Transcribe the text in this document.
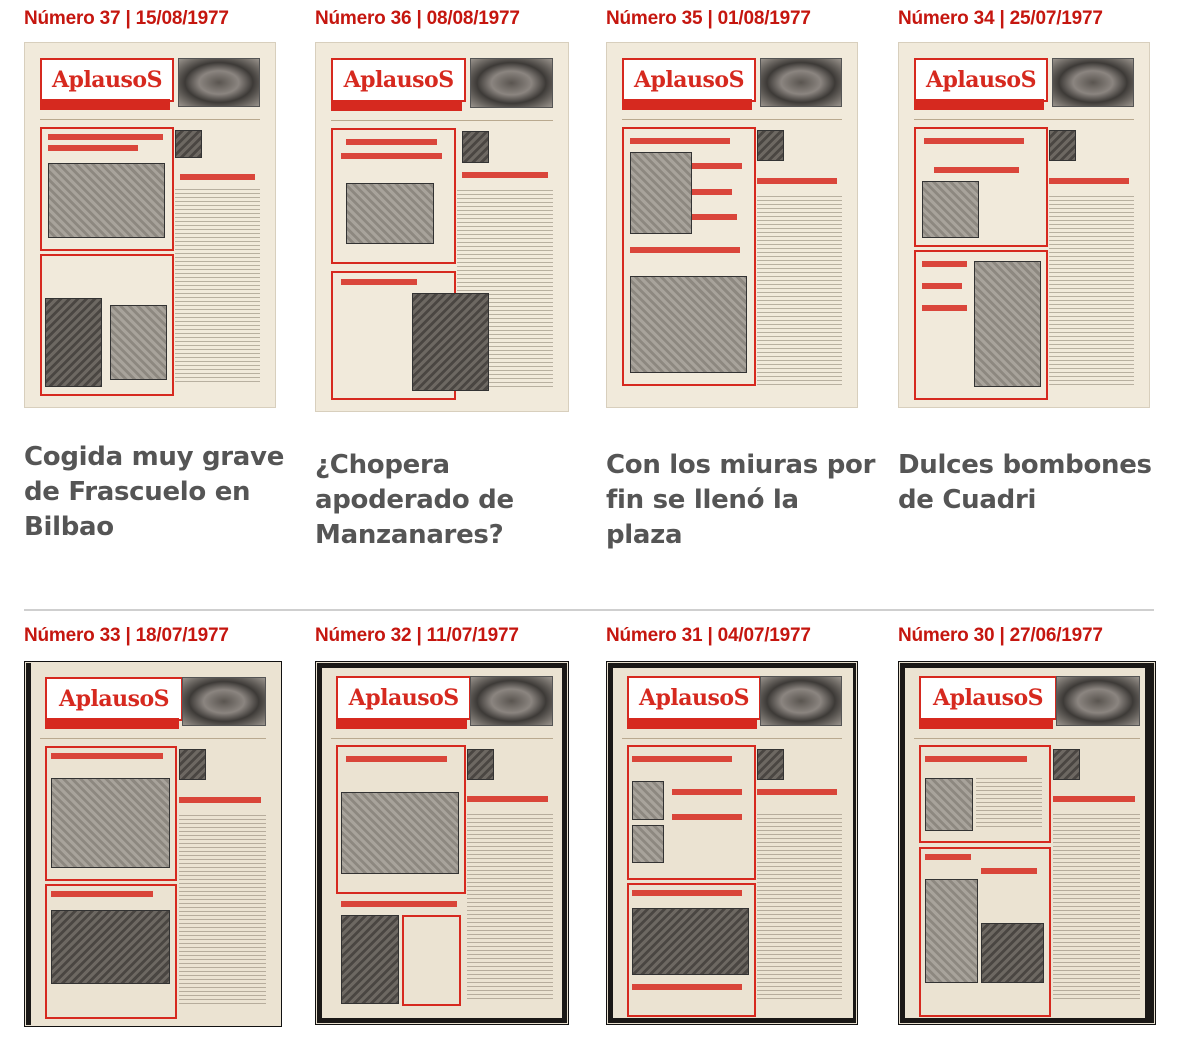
Número 37 | 15/08/1977
AplausoS
Cogida muy grave de Frascuelo en Bilbao
Número 36 | 08/08/1977
AplausoS
¿Chopera apoderado de Manzanares?
Número 35 | 01/08/1977
AplausoS
Con los miuras por fin se llenó la plaza
Número 34 | 25/07/1977
AplausoS
Dulces bombones de Cuadri
Número 33 | 18/07/1977
AplausoS
Número 32 | 11/07/1977
AplausoS
Número 31 | 04/07/1977
AplausoS
Número 30 | 27/06/1977
AplausoS
